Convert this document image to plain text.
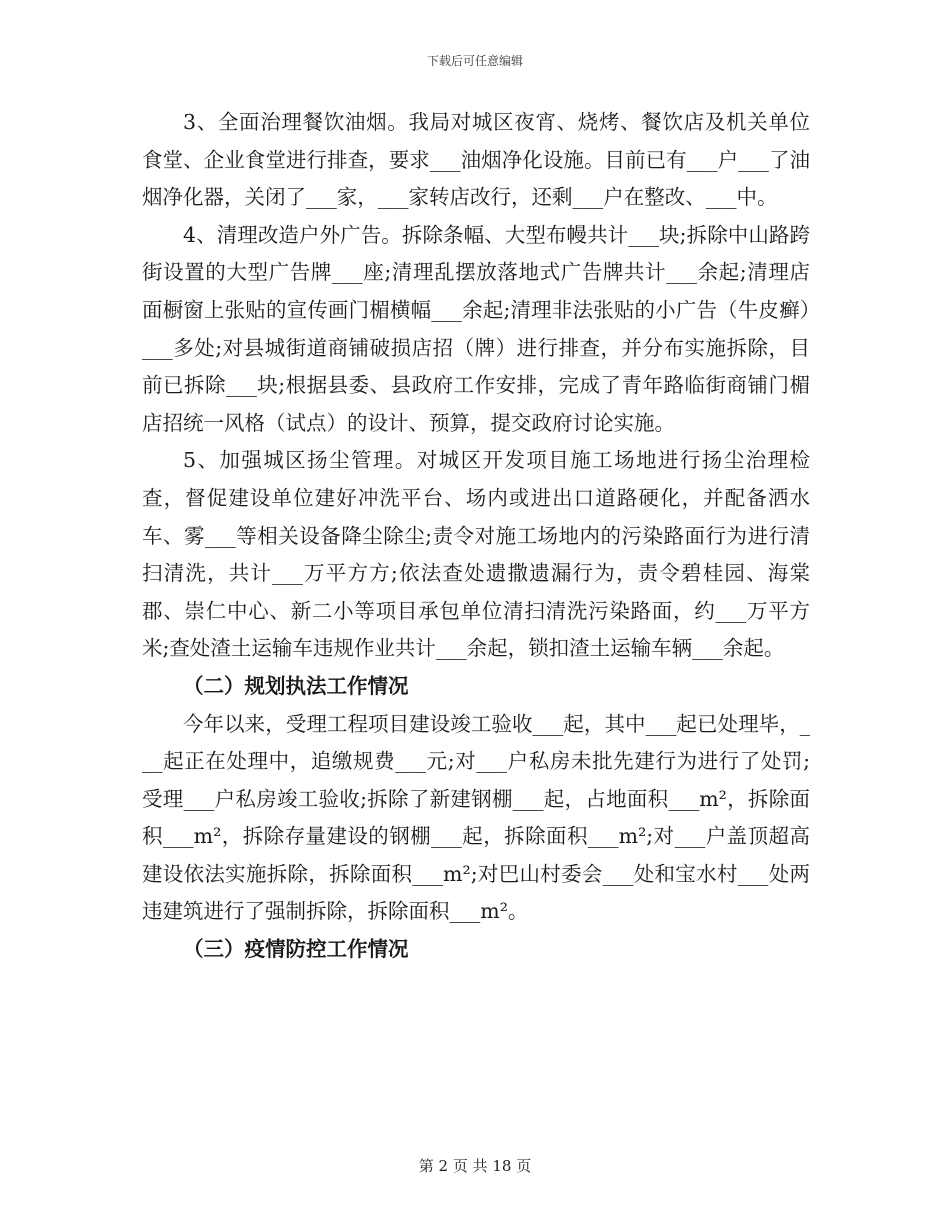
下载后可任意编辑

3、全面治理餐饮油烟。我局对城区夜宵、烧烤、餐饮店及机关单位食堂、企业食堂进行排查，要求___油烟净化设施。目前已有___户___了油烟净化器，关闭了___家，___家转店改行，还剩___户在整改、___中。

4、清理改造户外广告。拆除条幅、大型布幔共计___块;拆除中山路跨街设置的大型广告牌___座;清理乱摆放落地式广告牌共计___余起;清理店面橱窗上张贴的宣传画门楣横幅___余起;清理非法张贴的小广告（牛皮癣）___多处;对县城街道商铺破损店招（牌）进行排查，并分布实施拆除，目前已拆除___块;根据县委、县政府工作安排，完成了青年路临街商铺门楣店招统一风格（试点）的设计、预算，提交政府讨论实施。

5、加强城区扬尘管理。对城区开发项目施工场地进行扬尘治理检查，督促建设单位建好冲洗平台、场内或进出口道路硬化，并配备洒水车、雾___等相关设备降尘除尘;责令对施工场地内的污染路面行为进行清扫清洗，共计___万平方方;依法查处遗撒遗漏行为，责令碧桂园、海棠郡、崇仁中心、新二小等项目承包单位清扫清洗污染路面，约___万平方米;查处渣土运输车违规作业共计___余起，锁扣渣土运输车辆___余起。

（二）规划执法工作情况

今年以来，受理工程项目建设竣工验收___起，其中___起已处理毕，___起正在处理中，追缴规费___元;对___户私房未批先建行为进行了处罚;受理___户私房竣工验收;拆除了新建钢棚___起，占地面积___m²，拆除面积___m²，拆除存量建设的钢棚___起，拆除面积___m²;对___户盖顶超高建设依法实施拆除，拆除面积___m²;对巴山村委会___处和宝水村___处两违建筑进行了强制拆除，拆除面积___m²。

（三）疫情防控工作情况

第 2 页 共 18 页
